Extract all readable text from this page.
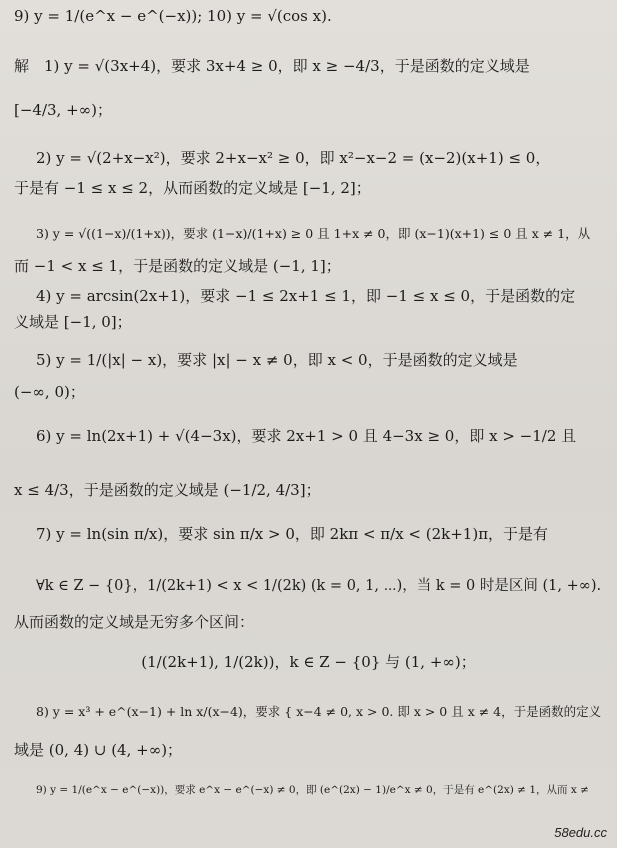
9) y = 1/(e^x − e^(−x)); 10) y = √(cos x).
解　1) y = √(3x+4)，要求 3x+4 ≥ 0，即 x ≥ −4/3，于是函数的定义域是
[−4/3, +∞)；
2) y = √(2+x−x²)，要求 2+x−x² ≥ 0，即 x²−x−2 = (x−2)(x+1) ≤ 0，
于是有 −1 ≤ x ≤ 2，从而函数的定义域是 [−1, 2]；
3) y = √((1−x)/(1+x))，要求 (1−x)/(1+x) ≥ 0 且 1+x ≠ 0，即 (x−1)(x+1) ≤ 0 且 x ≠ 1，从
而 −1 < x ≤ 1，于是函数的定义域是 (−1, 1]；
4) y = arcsin(2x+1)，要求 −1 ≤ 2x+1 ≤ 1，即 −1 ≤ x ≤ 0，于是函数的定
义域是 [−1, 0]；
5) y = 1/(|x| − x)，要求 |x| − x ≠ 0，即 x < 0，于是函数的定义域是
(−∞, 0)；
6) y = ln(2x+1) + √(4−3x)，要求 2x+1 > 0 且 4−3x ≥ 0，即 x > −1/2 且
x ≤ 4/3，于是函数的定义域是 (−1/2, 4/3]；
7) y = ln(sin π/x)，要求 sin π/x > 0，即 2kπ < π/x < (2k+1)π，于是有
∀k ∈ Z − {0}，1/(2k+1) < x < 1/(2k) (k = 0, 1, ⋯)，当 k = 0 时是区间 (1, +∞).
从而函数的定义域是无穷多个区间：
(1/(2k+1), 1/(2k))，k ∈ Z − {0} 与 (1, +∞)；
8) y = x³ + e^(x−1) + ln x/(x−4)，要求 { x−4 ≠ 0, x > 0. 即 x > 0 且 x ≠ 4，于是函数的定义
域是 (0, 4) ∪ (4, +∞)；
9) y = 1/(e^x − e^(−x))，要求 e^x − e^(−x) ≠ 0，即 (e^(2x) − 1)/e^x ≠ 0，于是有 e^(2x) ≠ 1，从而 x ≠
58edu.cc
